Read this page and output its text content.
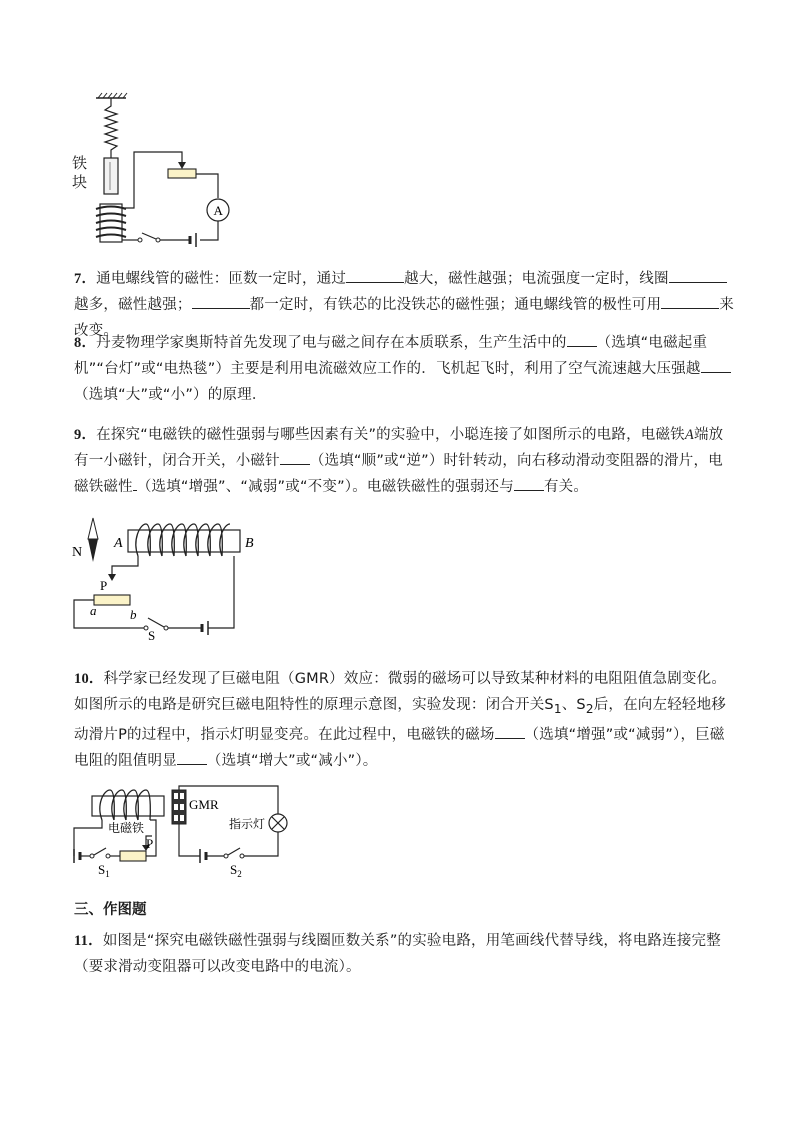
A
铁
块
7．通电螺线管的磁性：匝数一定时，通过	越大，磁性越强；电流强度一定时，线圈越多，磁性越强；	都一定时，有铁芯的比没铁芯的磁性强；通电螺线管的极性可用	来改变。
8．丹麦物理学家奥斯特首先发现了电与磁之间存在本质联系，生产生活中的 （选填“电磁起重机”“台灯”或“电热毯”）主要是利用电流磁效应工作的．飞机起飞时，利用了空气流速越大压强越（选填“大”或“小”）的原理．
9．在探究“电磁铁的磁性强弱与哪些因素有关”的实验中，小聪连接了如图所示的电路，电磁铁A端放有一小磁针，闭合开关，小磁针 （选填“顺”或“逆”）时针转动，向右移动滑动变阻器的滑片，电磁铁磁性 （选填“增强”、“减弱”或“不变”）。电磁铁磁性的强弱还与 有关。
N
A	B
P
a	b
S
10．科学家已经发现了巨磁电阻（GMR）效应：微弱的磁场可以导致某种材料的电阻阻值急剧变化。如图所示的电路是研究巨磁电阻特性的原理示意图，实验发现：闭合开关$S_1$、$S_2$后，在向左轻轻地移动滑片P的过程中，指示灯明显变亮。在此过程中，电磁铁的磁场 （选填“增强”或“减弱”），巨磁电阻的阻值明显 （选填“增大”或“减小”）。
电磁铁
GMR
P
$S_1$	$S_2$
指示灯
三、作图题
11．如图是“探究电磁铁磁性强弱与线圈匝数关系”的实验电路，用笔画线代替导线，将电路连接完整（要求滑动变阻器可以改变电路中的电流）。
